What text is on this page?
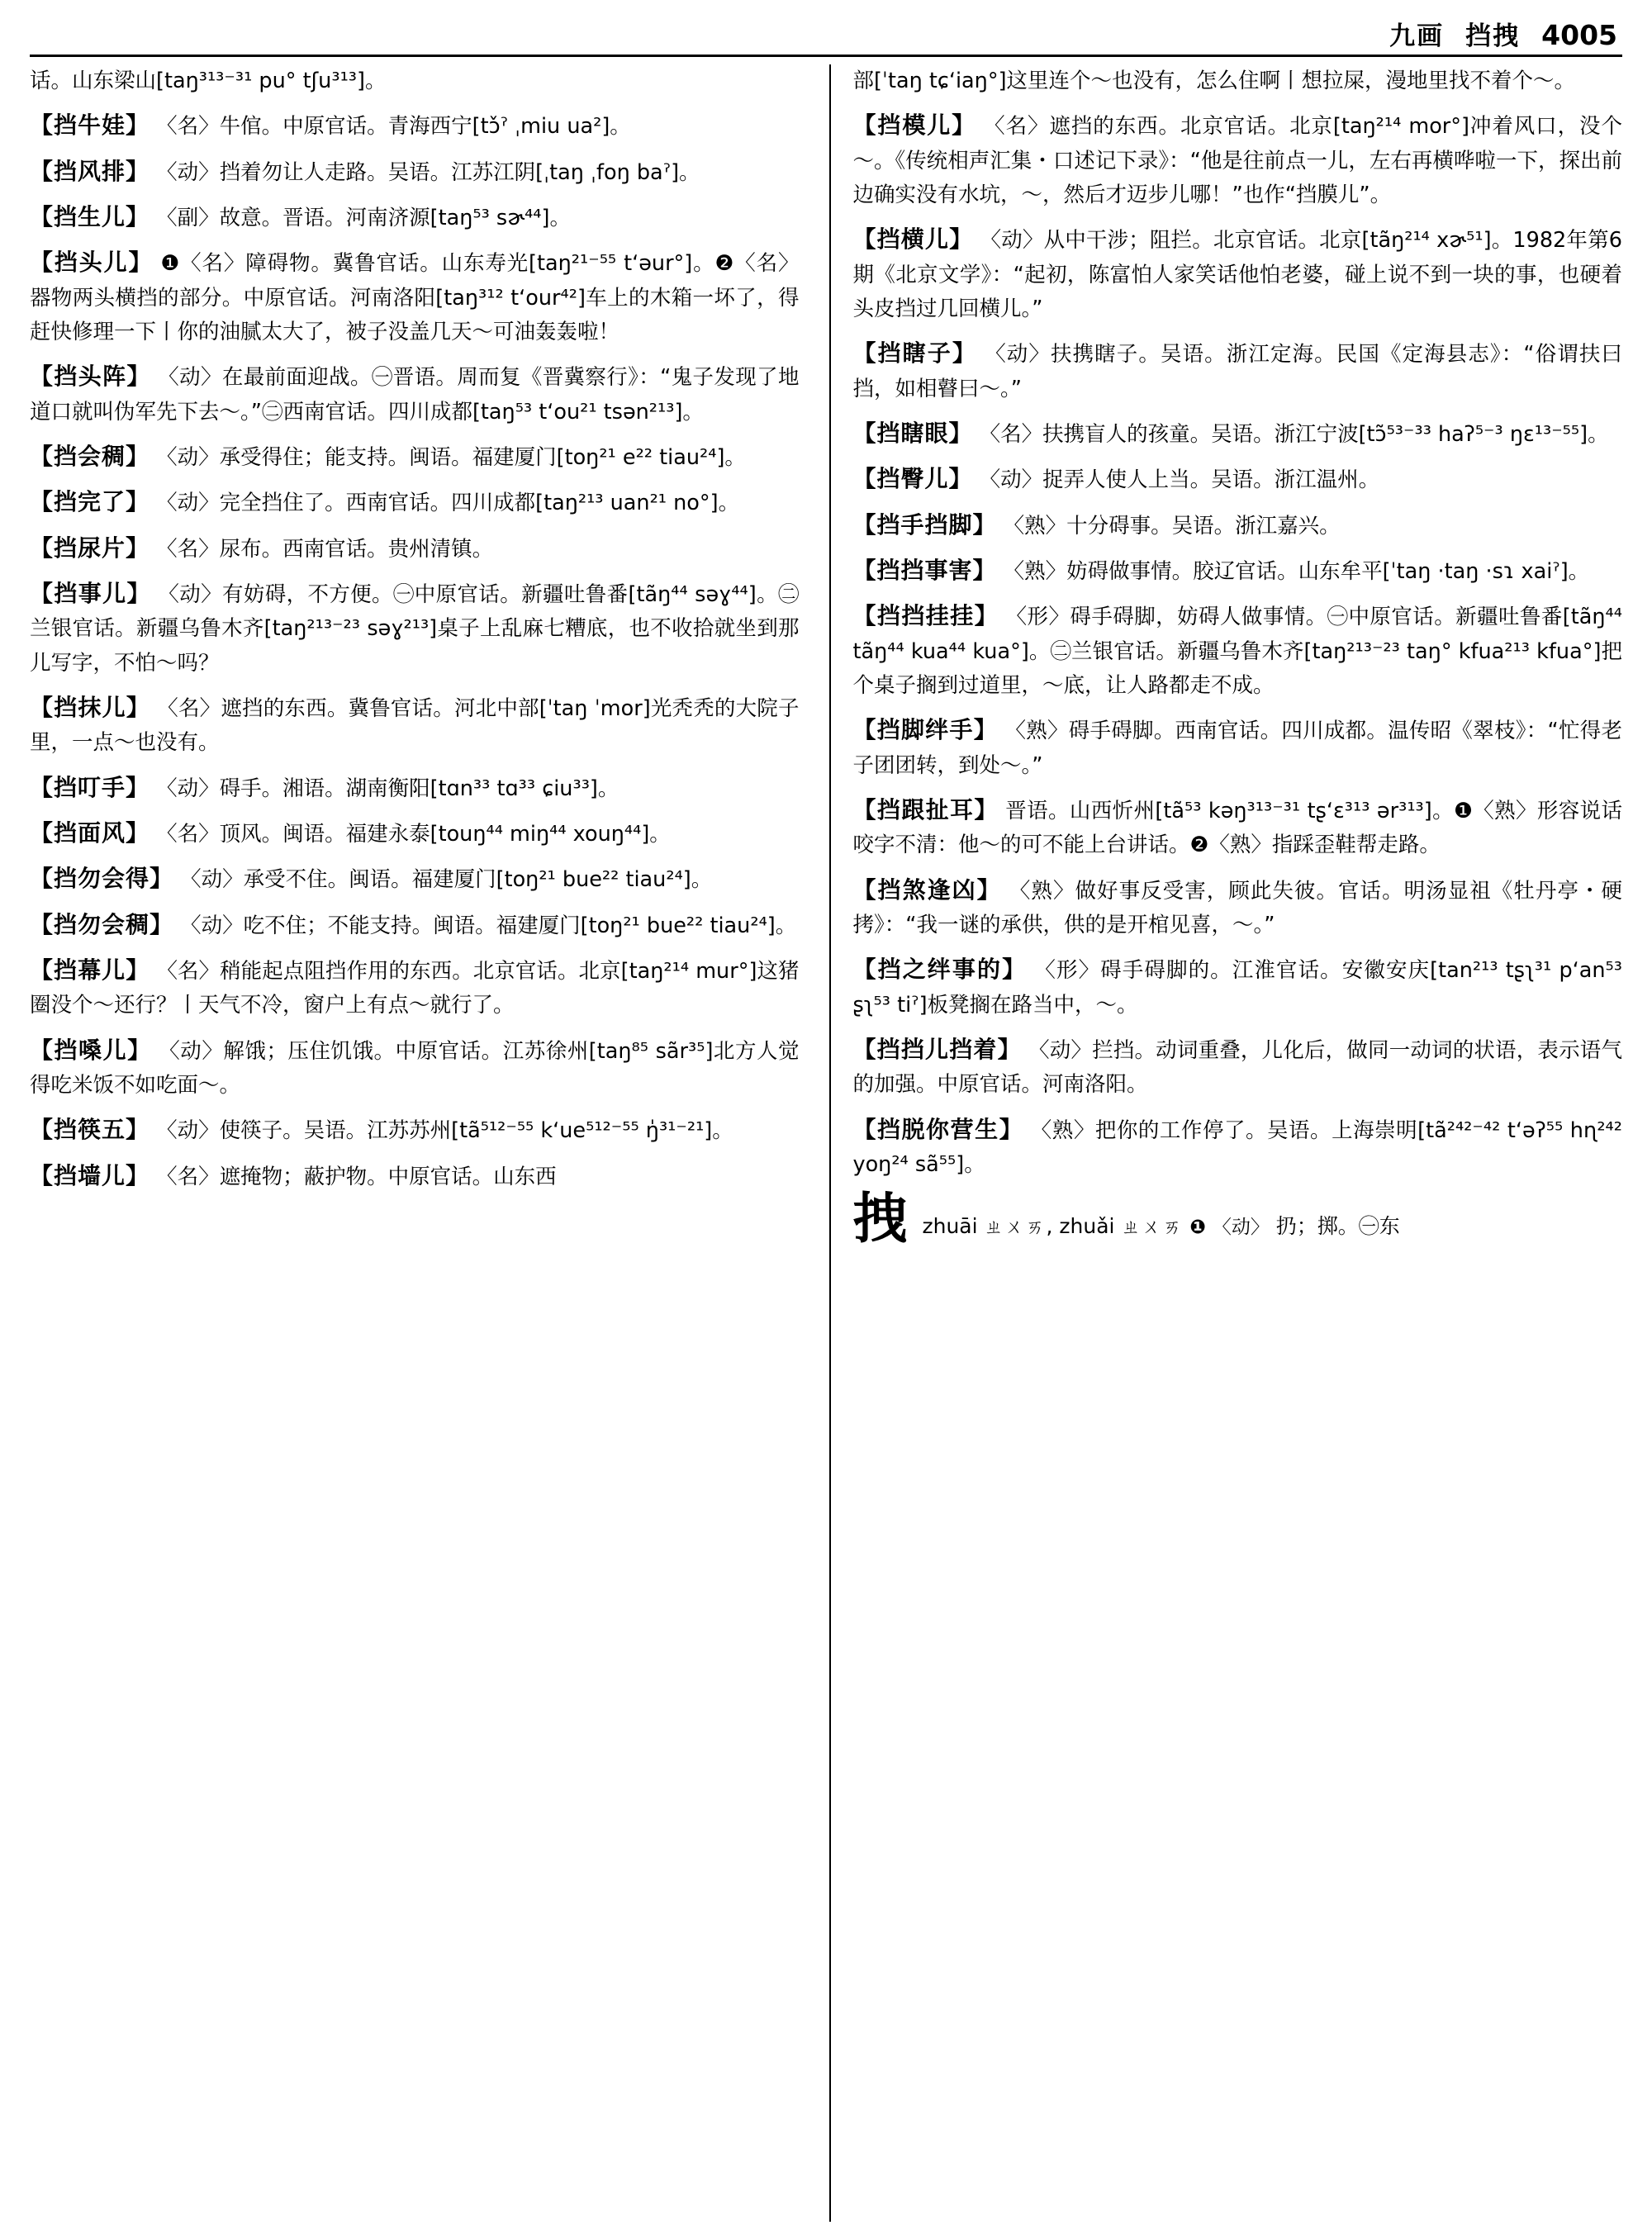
九画 挡拽 4005
话。山东梁山[taŋ³¹³⁻³¹ pu° tʃu³¹³]。
【挡牛娃】 〈名〉牛倌。中原官话。青海西宁[tɔ̌ˀ ˌmiu ua²]。
【挡风排】 〈动〉挡着勿让人走路。吴语。江苏江阴[ˌtaŋ ˌfoŋ baˀ]。
【挡生儿】 〈副〉故意。晋语。河南济源[taŋ⁵³ sɚ⁴⁴]。
【挡头儿】 ❶〈名〉障碍物。冀鲁官话。山东寿光[taŋ²¹⁻⁵⁵ tʻəur°]。❷〈名〉器物两头横挡的部分。中原官话。河南洛阳[taŋ³¹² tʻour⁴²]车上的木箱一坏了，得赶快修理一下丨你的油腻太大了，被子没盖几天～可油轰轰啦！
【挡头阵】 〈动〉在最前面迎战。㊀晋语。周而复《晋冀察行》：“鬼子发现了地道口就叫伪军先下去～。”㊁西南官话。四川成都[taŋ⁵³ tʻou²¹ tsən²¹³]。
【挡会稠】 〈动〉承受得住；能支持。闽语。福建厦门[toŋ²¹ e²² tiau²⁴]。
【挡完了】 〈动〉完全挡住了。西南官话。四川成都[taŋ²¹³ uan²¹ no°]。
【挡尿片】 〈名〉尿布。西南官话。贵州清镇。
【挡事儿】 〈动〉有妨碍，不方便。㊀中原官话。新疆吐鲁番[tãŋ⁴⁴ səɣ⁴⁴]。㊁兰银官话。新疆乌鲁木齐[taŋ²¹³⁻²³ səɣ²¹³]桌子上乱麻七糟底，也不收拾就坐到那儿写字，不怕～吗？
【挡抹儿】 〈名〉遮挡的东西。冀鲁官话。河北中部[ˈtaŋ ˈmor]光秃秃的大院子里，一点～也没有。
【挡叮手】 〈动〉碍手。湘语。湖南衡阳[tɑn³³ tɑ³³ ɕiu³³]。
【挡面风】 〈名〉顶风。闽语。福建永泰[touŋ⁴⁴ miŋ⁴⁴ xouŋ⁴⁴]。
【挡勿会得】 〈动〉承受不住。闽语。福建厦门[toŋ²¹ bue²² tiau²⁴]。
【挡勿会稠】 〈动〉吃不住；不能支持。闽语。福建厦门[toŋ²¹ bue²² tiau²⁴]。
【挡幕儿】 〈名〉稍能起点阻挡作用的东西。北京官话。北京[taŋ²¹⁴ mur°]这猪圈没个～还行？丨天气不冷，窗户上有点～就行了。
【挡嗓儿】 〈动〉解饿；压住饥饿。中原官话。江苏徐州[taŋ⁸⁵ sãr³⁵]北方人觉得吃米饭不如吃面～。
【挡筷五】 〈动〉使筷子。吴语。江苏苏州[tã⁵¹²⁻⁵⁵ kʻue⁵¹²⁻⁵⁵ ŋ̍³¹⁻²¹]。
【挡墙儿】 〈名〉遮掩物；蔽护物。中原官话。山东西
部[ˈtaŋ tɕʻiaŋ°]这里连个～也没有，怎么住啊丨想拉屎，漫地里找不着个～。
【挡模儿】 〈名〉遮挡的东西。北京官话。北京[taŋ²¹⁴ mor°]冲着风口，没个～。《传统相声汇集・口述记下录》：“他是往前点一儿，左右再横哗啦一下，探出前边确实没有水坑，～，然后才迈步儿哪！”也作“挡膜儿”。
【挡横儿】 〈动〉从中干涉；阻拦。北京官话。北京[tãŋ²¹⁴ xɚ⁵¹]。1982年第6期《北京文学》：“起初，陈富怕人家笑话他怕老婆，碰上说不到一块的事，也硬着头皮挡过几回横儿。”
【挡瞎子】 〈动〉扶携瞎子。吴语。浙江定海。民国《定海县志》：“俗谓扶曰挡，如相瞽曰～。”
【挡瞎眼】 〈名〉扶携盲人的孩童。吴语。浙江宁波[tɔ̃⁵³⁻³³ haʔ⁵⁻³ ŋɛ¹³⁻⁵⁵]。
【挡臀儿】 〈动〉捉弄人使人上当。吴语。浙江温州。
【挡手挡脚】 〈熟〉十分碍事。吴语。浙江嘉兴。
【挡挡事害】 〈熟〉妨碍做事情。胶辽官话。山东牟平[ˈtaŋ ·taŋ ·sɿ xaiˀ]。
【挡挡挂挂】 〈形〉碍手碍脚，妨碍人做事情。㊀中原官话。新疆吐鲁番[tãŋ⁴⁴ tãŋ⁴⁴ kua⁴⁴ kua°]。㊁兰银官话。新疆乌鲁木齐[taŋ²¹³⁻²³ taŋ° kfua²¹³ kfua°]把个桌子搁到过道里，～底，让人路都走不成。
【挡脚绊手】 〈熟〉碍手碍脚。西南官话。四川成都。温传昭《翠枝》：“忙得老子团团转，到处～。”
【挡跟扯耳】 晋语。山西忻州[tã⁵³ kəŋ³¹³⁻³¹ tʂʻɛ³¹³ ər³¹³]。❶〈熟〉形容说话咬字不清：他～的可不能上台讲话。❷〈熟〉指踩歪鞋帮走路。
【挡煞逢凶】 〈熟〉做好事反受害，顾此失彼。官话。明汤显祖《牡丹亭・硬拷》：“我一谜的承供，供的是开棺见喜，～。”
【挡之绊事的】 〈形〉碍手碍脚的。江淮官话。安徽安庆[tan²¹³ tʂʅ³¹ pʻan⁵³ ʂʅ⁵³ tiˀ]板凳搁在路当中，～。
【挡挡儿挡着】 〈动〉拦挡。动词重叠，儿化后，做同一动词的状语，表示语气的加强。中原官话。河南洛阳。
【挡脱你营生】 〈熟〉把你的工作停了。吴语。上海崇明[tã²⁴²⁻⁴² tʻəʔ⁵⁵ hɳ²⁴² yoŋ²⁴ sã⁵⁵]。
拽 zhuāi ㄓㄨㄞ, zhuǎi ㄓㄨㄞ ❶ 〈动〉 扔；掷。㊀东
